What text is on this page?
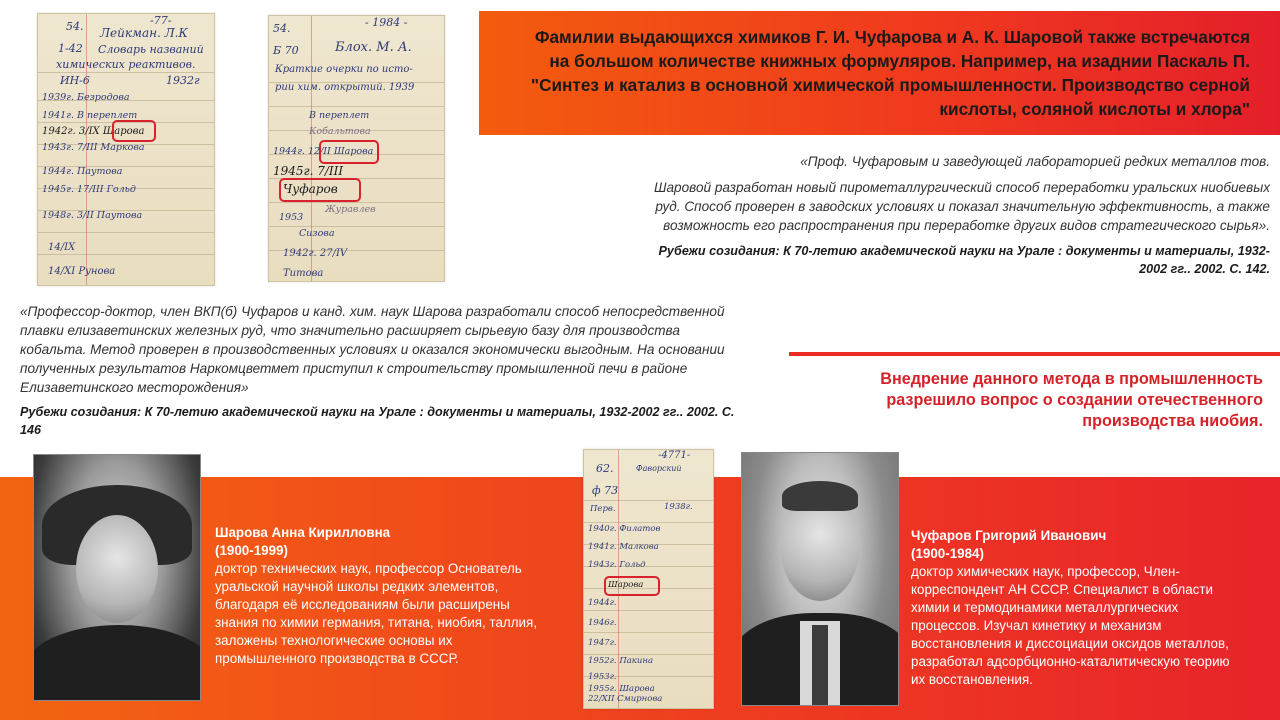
Фамилии выдающихся химиков Г. И. Чуфарова и А. К. Шаровой также встречаются на большом количестве книжных формуляров. Например, на изаднии Паскаль П. "Синтез и катализ в основной химической промышленности. Производство серной кислоты, соляной кислоты и хлора"
54.	-77-
Лейкман. Л.К
1-42 Словарь названий
химических реактивов.
ИН-6	1932г
1939г. Безродова
1941г. В переплет
1942г. 3/IX Шарова
1943г. 7/III Маркова
1944г. Паутова
1945г. 17/III Гольд
1948г. 3/II Паутова
14/IX
14/XI Рунова
54.	- 1984 -
Б 70	Блох. М. А.
Краткие очерки по исто-
рии хим. открытий. 1939
В переплет
Кобальтова
1944г. 12/II Шарова
1945г. 7/III
Чуфаров
Журавлев
1953
Сизова
1942г. 27/IV
Титова

«Проф. Чуфаровым и заведующей лабораторией редких металлов тов.

Шаровой разработан новый пирометаллургический способ переработки уральских ниобиевых руд. Способ проверен в заводских условиях и показал значительную эффективность, а также возможность его распространения при переработке других видов стратегического сырья».

Рубежи созидания: К 70-летию академической науки на Урале : документы и материалы, 1932-2002 гг.. 2002. С. 142.

«Профессор-доктор, член ВКП(б) Чуфаров и канд. хим. наук Шарова разработали способ непосредственной плавки елизаветинских железных руд, что значительно расширяет сырьевую базу для производства кобальта. Метод проверен в производственных условиях и оказался экономически выгодным. На основании полученных результатов Наркомцветмет приступил к строительству промышленной печи в районе Елизаветинского месторождения»

Рубежи созидания: К 70-летию академической науки на Урале : документы и материалы, 1932-2002 гг.. 2002. С. 146
Внедрение данного метода в промышленность разрешило вопрос о создании отечественного производства ниобия.
Шарова Анна Кирилловна
(1900-1999)
доктор технических наук, профессор Основатель уральской научной школы редких элементов, благодаря её исследованиям были расширены знания по химии германия, титана, ниобия, таллия, заложены технологические основы их промышленного производства в СССР.
-4771-
62.	Фаворский
ф 73
Перв.	1938г.
1940г. Филатов
1941г. Малкова
1943г. Гольд
Шарова
1944г.
1946г.
1947г.
1952г. Пакина
1953г.
1955г. Шарова
22/XII Смирнова
Чуфаров Григорий Иванович
(1900-1984)
доктор химических наук, профессор, Член-корреспондент АН СССР. Специалист в области химии и термодинамики металлургических процессов. Изучал кинетику и механизм восстановления и диссоциации оксидов металлов, разработал адсорбционно-каталитическую теорию их восстановления.
